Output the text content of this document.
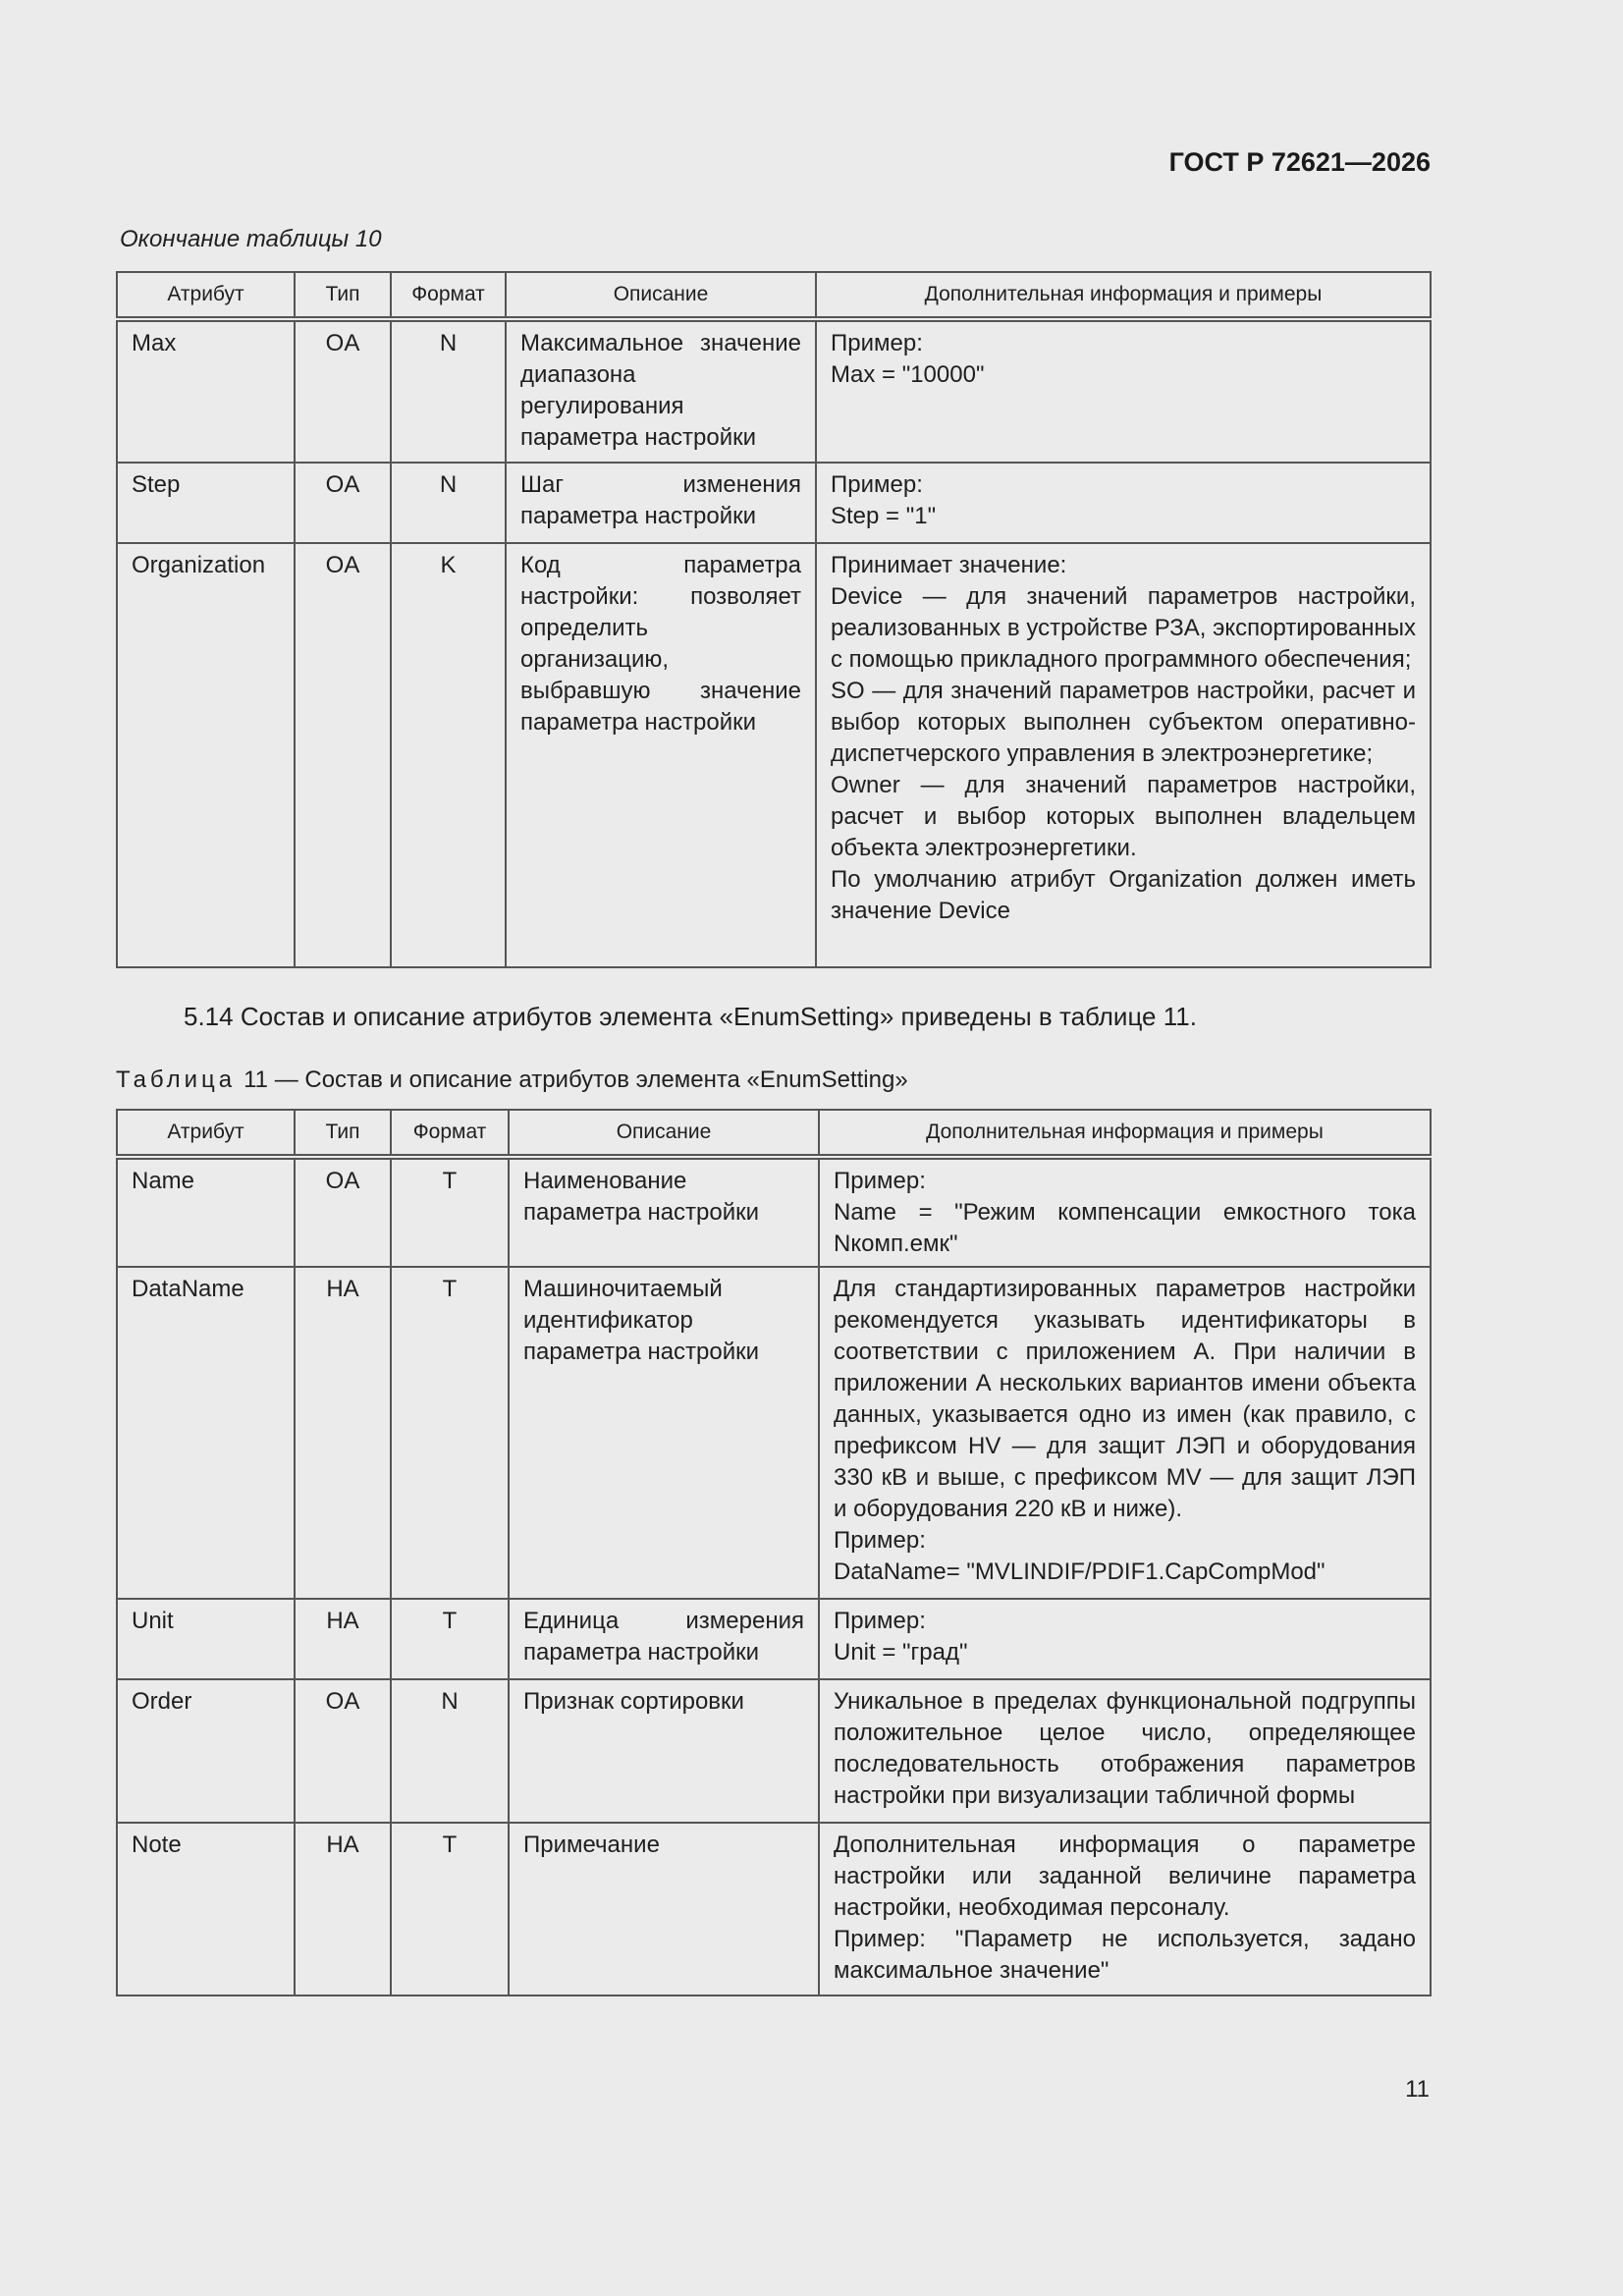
ГОСТ Р 72621—2026
Окончание таблицы 10
Атрибут	Тип	Формат	Описание	Дополнительная информация и примеры
Max	OA	N	Максимальное значение диапазона регулирования параметра настройки	Пример:
Max = "10000"

Step	OA	N	Шаг изменения параметра настройки	Пример:
Step = "1"

Organization	OA	K	Код параметра настройки: позволяет определить организацию, выбравшую значение параметра настройки	Принимает значение:
Device — для значений параметров настройки, реализованных в устройстве РЗА, экспортированных с помощью прикладного программного обеспечения;
SO — для значений параметров настройки, расчет и выбор которых выполнен субъектом оперативно-диспетчерского управления в электроэнергетике;
Owner — для значений параметров настройки, расчет и выбор которых выполнен владельцем объекта электроэнергетики.
По умолчанию атрибут Organization должен иметь значение Device
5.14 Состав и описание атрибутов элемента «EnumSetting» приведены в таблице 11.
Таблица 11 — Состав и описание атрибутов элемента «EnumSetting»
Атрибут	Тип	Формат	Описание	Дополнительная информация и примеры
Name	OA	T	Наименование параметра настройки	Пример:
Name = "Режим компенсации емкостного тока Nкомп.емк"

DataName	HA	T	Машиночитаемый идентификатор параметра настройки	Для стандартизированных параметров настройки рекомендуется указывать идентификаторы в соответствии с приложением А. При наличии в приложении А нескольких вариантов имени объекта данных, указывается одно из имен (как правило, с префиксом HV — для защит ЛЭП и оборудования 330 кВ и выше, с префиксом MV — для защит ЛЭП и оборудования 220 кВ и ниже).
Пример:
DataName= "MVLINDIF/PDIF1.CapCompMod"

Unit	HA	T	Единица измерения параметра настройки	Пример:
Unit = "град"

Order	OA	N	Признак сортировки	Уникальное в пределах функциональной подгруппы положительное целое число, определяющее последовательность отображения параметров настройки при визуализации табличной формы

Note	HA	T	Примечание	Дополнительная информация о параметре настройки или заданной величине параметра настройки, необходимая персоналу.
Пример: "Параметр не используется, задано максимальное значение"
11
